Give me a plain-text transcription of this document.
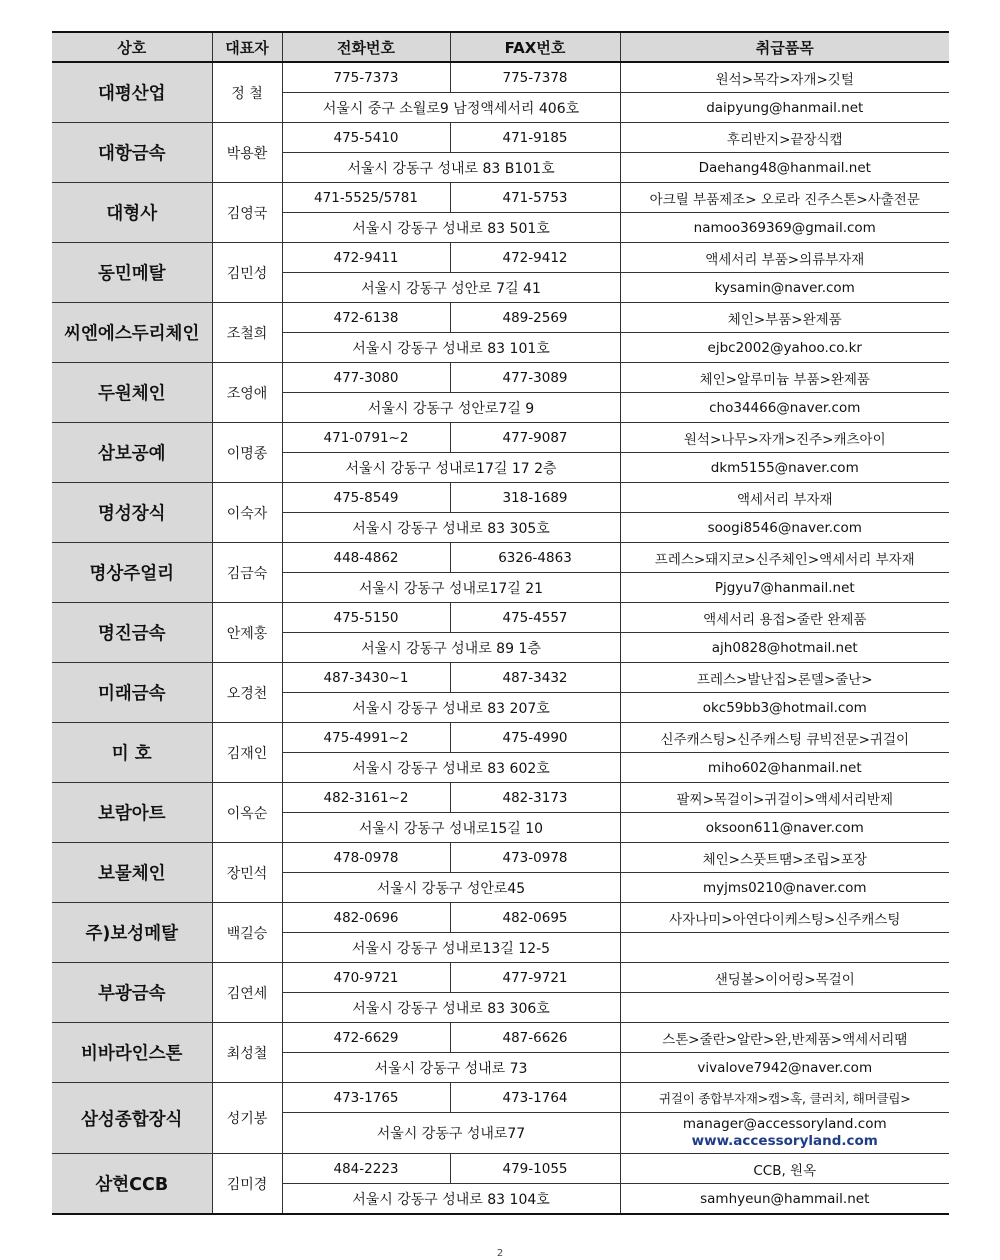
상호	대표자	전화번호	FAX번호	취급품목
대평산업	정 철	775-7373	775-7378	원석>목각>자개>깃털
		서울시 중구 소월로9 남정액세서리 406호		daipyung@hanmail.net
대항금속	박용환	475-5410	471-9185	후리반지>끝장식캡
		서울시 강동구 성내로 83 B101호		Daehang48@hanmail.net
대형사	김영국	471-5525/5781	471-5753	아크릴 부품제조> 오로라 진주스톤>사출전문
		서울시 강동구 성내로 83 501호		namoo369369@gmail.com
동민메탈	김민성	472-9411	472-9412	액세서리 부품>의류부자재
		서울시 강동구 성안로 7길 41		kysamin@naver.com
씨엔에스두리체인	조철희	472-6138	489-2569	체인>부품>완제품
		서울시 강동구 성내로 83 101호		ejbc2002@yahoo.co.kr
두원체인	조영애	477-3080	477-3089	체인>알루미늄 부품>완제품
		서울시 강동구 성안로7길 9		cho34466@naver.com
삼보공예	이명종	471-0791~2	477-9087	원석>나무>자개>진주>캐츠아이
		서울시 강동구 성내로17길 17 2층		dkm5155@naver.com
명성장식	이숙자	475-8549	318-1689	액세서리 부자재
		서울시 강동구 성내로 83 305호		soogi8546@naver.com
명상주얼리	김금숙	448-4862	6326-4863	프레스>돼지코>신주체인>액세서리 부자재
		서울시 강동구 성내로17길 21		Pjgyu7@hanmail.net
명진금속	안제홍	475-5150	475-4557	액세서리 용접>줄란 완제품
		서울시 강동구 성내로 89 1층		ajh0828@hotmail.net
미래금속	오경천	487-3430~1	487-3432	프레스>발난집>론델>줄난>
		서울시 강동구 성내로 83 207호		okc59bb3@hotmail.com
미 호	김재인	475-4991~2	475-4990	신주캐스팅>신주캐스팅 큐빅전문>귀걸이
		서울시 강동구 성내로 83 602호		miho602@hanmail.net
보람아트	이옥순	482-3161~2	482-3173	팔찌>목걸이>귀걸이>액세서리반제
		서울시 강동구 성내로15길 10		oksoon611@naver.com
보물체인	장민석	478-0978	473-0978	체인>스풋트땜>조립>포장
		서울시 강동구 성안로45		myjms0210@naver.com
주)보성메탈	백길승	482-0696	482-0695	사자나미>아연다이케스팅>신주캐스팅
		서울시 강동구 성내로13길 12-5		
부광금속	김연세	470-9721	477-9721	샌딩볼>이어링>목걸이
		서울시 강동구 성내로 83 306호		
비바라인스톤	최성철	472-6629	487-6626	스톤>줄란>알란>완,반제품>액세서리땜
		서울시 강동구 성내로 73		vivalove7942@naver.com
삼성종합장식	성기봉	473-1765	473-1764	귀걸이 종합부자재>캡>혹, 클러치, 해머클립>
		서울시 강동구 성내로77		manager@accessoryland.com
www.accessoryland.com

삼현CCB	김미경	484-2223	479-1055	CCB, 원옥
		서울시 강동구 성내로 83 104호		samhyeun@hammail.net
2
